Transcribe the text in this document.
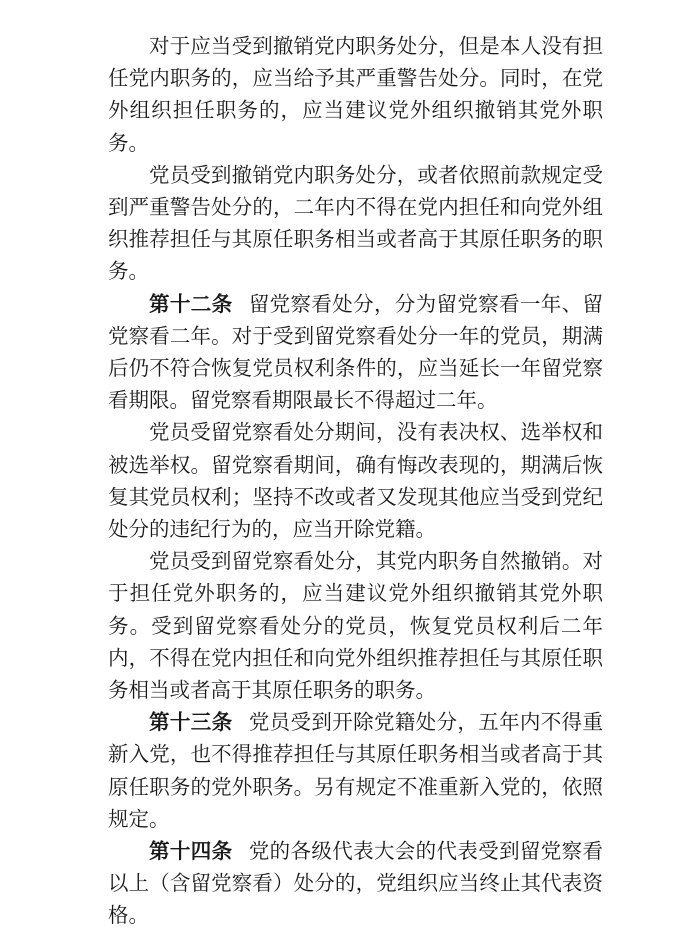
对于应当受到撤销党内职务处分，但是本人没有担任党内职务的，应当给予其严重警告处分。同时，在党外组织担任职务的，应当建议党外组织撤销其党外职务。

党员受到撤销党内职务处分，或者依照前款规定受到严重警告处分的，二年内不得在党内担任和向党外组织推荐担任与其原任职务相当或者高于其原任职务的职务。

第十二条 留党察看处分，分为留党察看一年、留党察看二年。对于受到留党察看处分一年的党员，期满后仍不符合恢复党员权利条件的，应当延长一年留党察看期限。留党察看期限最长不得超过二年。

党员受留党察看处分期间，没有表决权、选举权和被选举权。留党察看期间，确有悔改表现的，期满后恢复其党员权利；坚持不改或者又发现其他应当受到党纪处分的违纪行为的，应当开除党籍。

党员受到留党察看处分，其党内职务自然撤销。对于担任党外职务的，应当建议党外组织撤销其党外职务。受到留党察看处分的党员，恢复党员权利后二年内，不得在党内担任和向党外组织推荐担任与其原任职务相当或者高于其原任职务的职务。

第十三条 党员受到开除党籍处分，五年内不得重新入党，也不得推荐担任与其原任职务相当或者高于其原任职务的党外职务。另有规定不准重新入党的，依照规定。

第十四条 党的各级代表大会的代表受到留党察看以上（含留党察看）处分的，党组织应当终止其代表资格。
